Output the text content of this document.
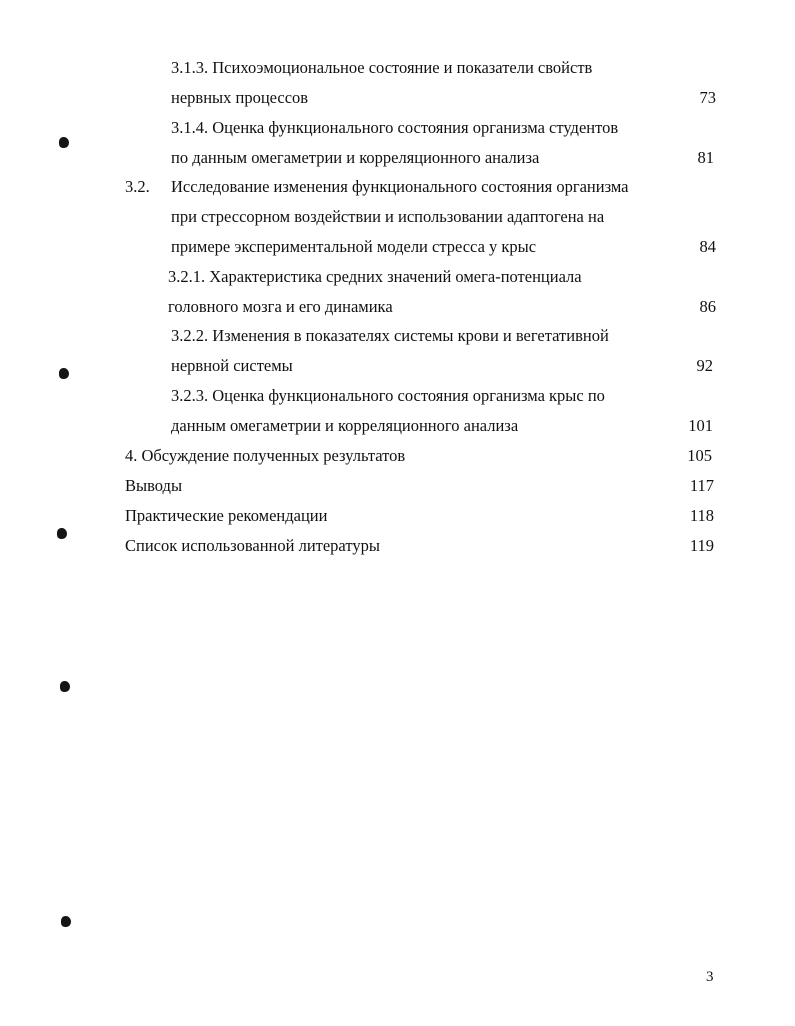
3.1.3. Психоэмоциональное состояние и показатели свойств
нервных процессов	73
3.1.4. Оценка функционального состояния организма студентов
по данным омегаметрии и корреляционного анализа	81
3.2. Исследование изменения функционального состояния организма
при стрессорном воздействии и использовании адаптогена на
примере экспериментальной модели стресса у крыс	84
3.2.1. Характеристика средних значений омега-потенциала
головного мозга и его динамика	86
3.2.2. Изменения в показателях системы крови и вегетативной
нервной системы	92
3.2.3. Оценка функционального состояния организма крыс по
данным омегаметрии и корреляционного анализа	101
4. Обсуждение полученных результатов	105
Выводы	117
Практические рекомендации	118
Список использованной литературы	119
3
